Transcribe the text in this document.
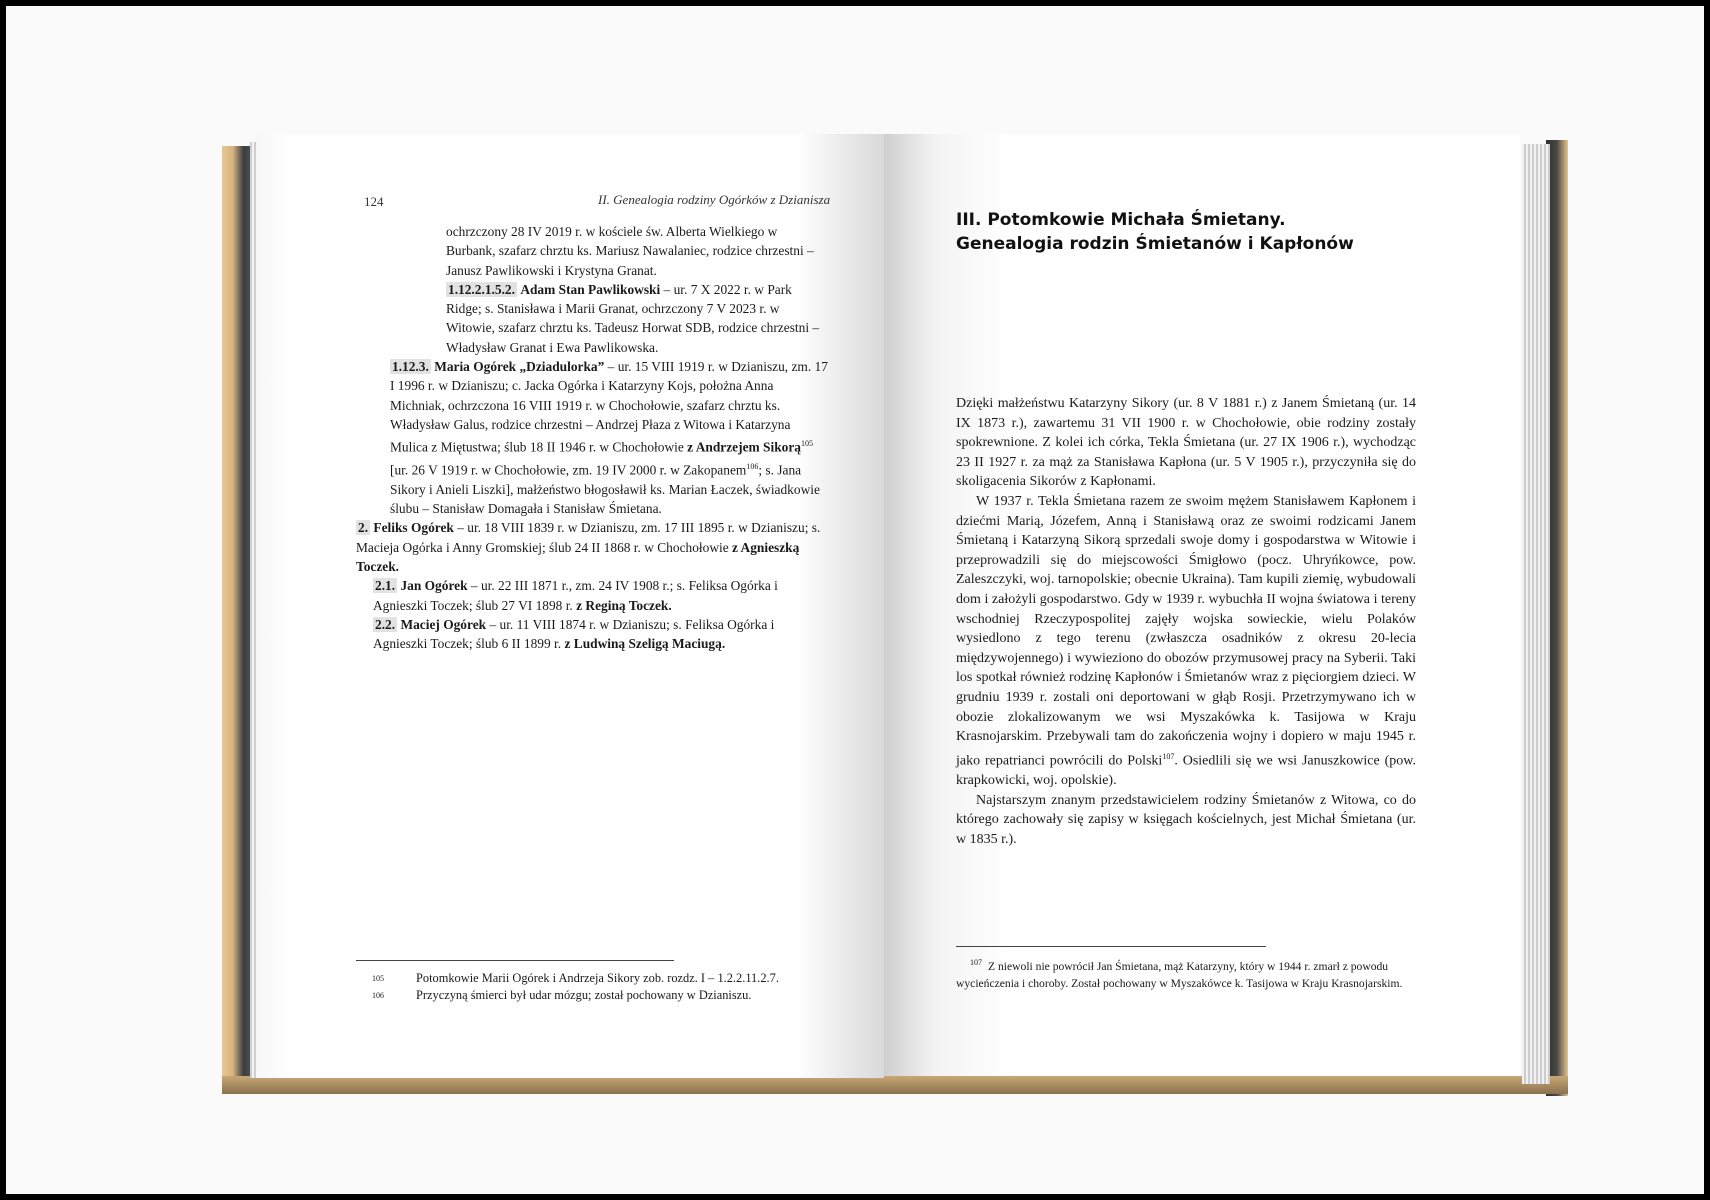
124	II. Genealogia rodziny Ogórków z Dzianisza

ochrzczony 28 IV 2019 r. w kościele św. Alberta Wielkiego w Burbank, szafarz chrztu ks. Mariusz Nawalaniec, rodzice chrzestni – Janusz Pawlikowski i Krystyna Granat.

1.12.2.1.5.2. Adam Stan Pawlikowski – ur. 7 X 2022 r. w Park Ridge; s. Stanisława i Marii Granat, ochrzczony 7 V 2023 r. w Witowie, szafarz chrztu ks. Tadeusz Horwat SDB, rodzice chrzestni – Władysław Granat i Ewa Pawlikowska.

1.12.3. Maria Ogórek „Dziadulorka” – ur. 15 VIII 1919 r. w Dzianiszu, zm. 17 I 1996 r. w Dzianiszu; c. Jacka Ogórka i Katarzyny Kojs, położna Anna Michniak, ochrzczona 16 VIII 1919 r. w Chochołowie, szafarz chrztu ks. Władysław Galus, rodzice chrzestni – Andrzej Płaza z Witowa i Katarzyna Mulica z Miętustwa; ślub 18 II 1946 r. w Chochołowie z Andrzejem Sikorą$^{105}$ [ur. 26 V 1919 r. w Chochołowie, zm. 19 IV 2000 r. w Zakopanem$^{106}$; s. Jana Sikory i Anieli Liszki], małżeństwo błogosławił ks. Marian Łaczek, świadkowie ślubu – Stanisław Domagała i Stanisław Śmietana.

2. Feliks Ogórek – ur. 18 VIII 1839 r. w Dzianiszu, zm. 17 III 1895 r. w Dzianiszu; s. Macieja Ogórka i Anny Gromskiej; ślub 24 II 1868 r. w Chochołowie z Agnieszką Toczek.

2.1. Jan Ogórek – ur. 22 III 1871 r., zm. 24 IV 1908 r.; s. Feliksa Ogórka i Agnieszki Toczek; ślub 27 VI 1898 r. z Reginą Toczek.

2.2. Maciej Ogórek – ur. 11 VIII 1874 r. w Dzianiszu; s. Feliksa Ogórka i Agnieszki Toczek; ślub 6 II 1899 r. z Ludwiną Szeligą Maciugą.

105	Potomkowie Marii Ogórek i Andrzeja Sikory zob. rozdz. I – 1.2.2.11.2.7.
106	Przyczyną śmierci był udar mózgu; został pochowany w Dzianiszu.
III. Potomkowie Michała Śmietany.
Genealogia rodzin Śmietanów i Kapłonów

Dzięki małżeństwu Katarzyny Sikory (ur. 8 V 1881 r.) z Janem Śmietaną (ur. 14 IX 1873 r.), zawartemu 31 VII 1900 r. w Chochołowie, obie rodziny zostały spokrewnione. Z kolei ich córka, Tekla Śmietana (ur. 27 IX 1906 r.), wychodząc 23 II 1927 r. za mąż za Stanisława Kapłona (ur. 5 V 1905 r.), przyczyniła się do skoligacenia Sikorów z Kapłonami.

W 1937 r. Tekla Śmietana razem ze swoim mężem Stanisławem Kapłonem i dziećmi Marią, Józefem, Anną i Stanisławą oraz ze swoimi rodzicami Janem Śmietaną i Katarzyną Sikorą sprzedali swoje domy i gospodarstwa w Witowie i przeprowadzili się do miejscowości Śmigłowo (pocz. Uhryńkowce, pow. Zaleszczyki, woj. tarnopolskie; obecnie Ukraina). Tam kupili ziemię, wybudowali dom i założyli gospodarstwo. Gdy w 1939 r. wybuchła II wojna światowa i tereny wschodniej Rzeczypospolitej zajęły wojska sowieckie, wielu Polaków wysiedlono z tego terenu (zwłaszcza osadników z okresu 20-lecia międzywojennego) i wywieziono do obozów przymusowej pracy na Syberii. Taki los spotkał również rodzinę Kapłonów i Śmietanów wraz z pięciorgiem dzieci. W grudniu 1939 r. zostali oni deportowani w głąb Rosji. Przetrzymywano ich w obozie zlokalizowanym we wsi Myszakówka k. Tasijowa w Kraju Krasnojarskim. Przebywali tam do zakończenia wojny i dopiero w maju 1945 r. jako repatrianci powrócili do Polski$^{107}$. Osiedlili się we wsi Januszkowice (pow. krapkowicki, woj. opolskie).

Najstarszym znanym przedstawicielem rodziny Śmietanów z Witowa, co do którego zachowały się zapisy w księgach kościelnych, jest Michał Śmietana (ur. w 1835 r.).

$^{107}$ Z niewoli nie powrócił Jan Śmietana, mąż Katarzyny, który w 1944 r. zmarł z powodu wycieńczenia i choroby. Został pochowany w Myszakówce k. Tasijowa w Kraju Krasnojarskim.
